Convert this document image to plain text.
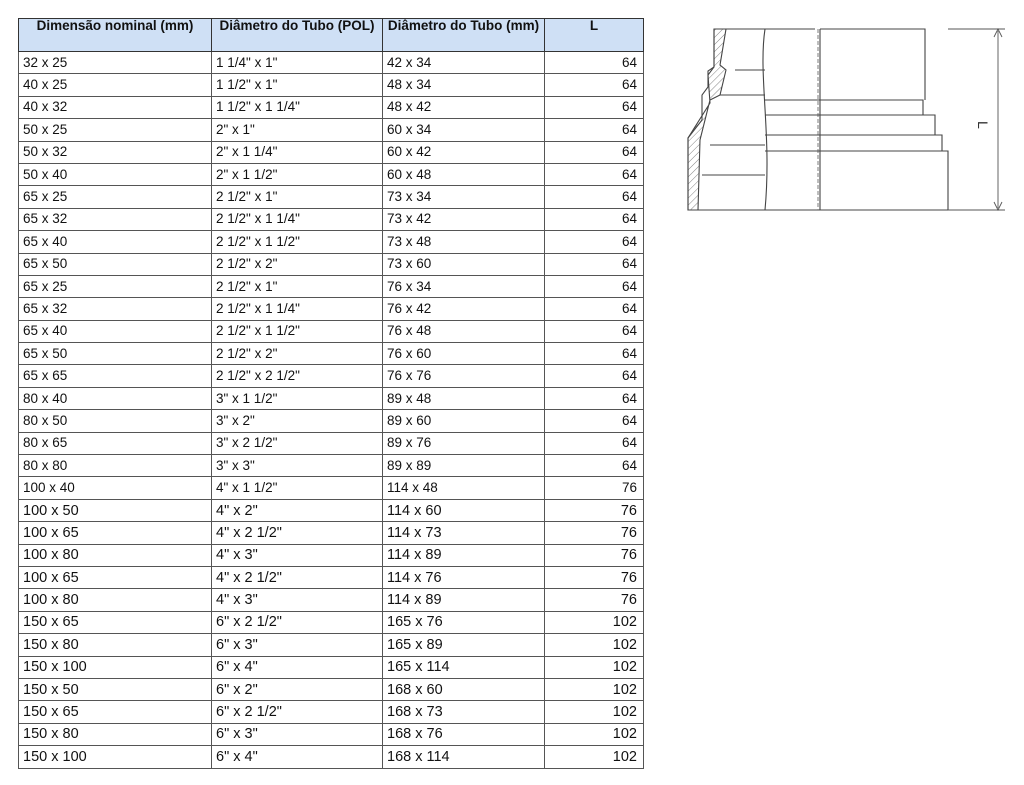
Dimensão nominal (mm)	Diâmetro do Tubo (POL)	Diâmetro do Tubo (mm)	L
32 x 25	1 1/4" x 1"	42 x 34	64
40 x 25	1 1/2" x 1"	48 x 34	64
40 x 32	1 1/2" x 1 1/4"	48 x 42	64
50 x 25	2" x 1"	60 x 34	64
50 x 32	2" x 1 1/4"	60 x 42	64
50 x 40	2" x 1 1/2"	60 x 48	64
65 x 25	2 1/2" x 1"	73 x 34	64
65 x 32	2 1/2" x 1 1/4"	73 x 42	64
65 x 40	2 1/2" x 1 1/2"	73 x 48	64
65 x 50	2 1/2" x 2"	73 x 60	64
65 x 25	2 1/2" x 1"	76 x 34	64
65 x 32	2 1/2" x 1 1/4"	76 x 42	64
65 x 40	2 1/2" x 1 1/2"	76 x 48	64
65 x 50	2 1/2" x 2"	76 x 60	64
65 x 65	2 1/2" x 2 1/2"	76 x 76	64
80 x 40	3" x 1 1/2"	89 x 48	64
80 x 50	3" x 2"	89 x 60	64
80 x 65	3" x 2 1/2"	89 x 76	64
80 x 80	3" x 3"	89 x 89	64
100 x 40	4" x 1 1/2"	114 x 48	76
100 x 50	4" x 2"	114 x 60	76
100 x 65	4" x 2 1/2"	114 x 73	76
100 x 80	4" x 3"	114 x 89	76
100 x 65	4" x 2 1/2"	114 x 76	76
100 x 80	4" x 3"	114 x 89	76
150 x 65	6" x 2 1/2"	165 x 76	102
150 x 80	6" x 3"	165 x 89	102
150 x 100	6" x 4"	165 x 114	102
150 x 50	6" x 2"	168 x 60	102
150 x 65	6" x 2 1/2"	168 x 73	102
150 x 80	6" x 3"	168 x 76	102
150 x 100	6" x 4"	168 x 114	102
L
